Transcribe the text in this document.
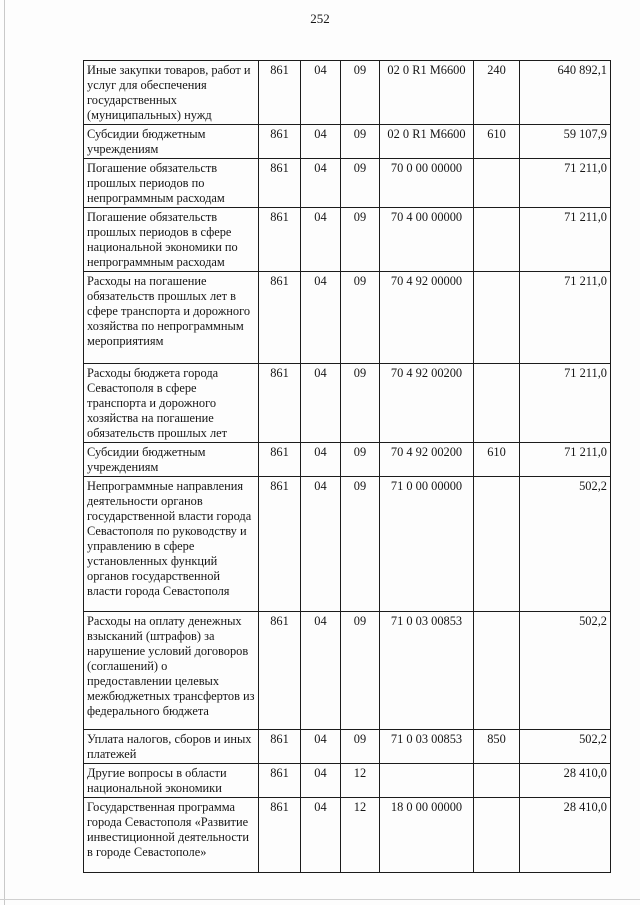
252
Иные закупки товаров, работ и услуг для обеспечения государственных (муниципальных) нужд	861	04	09	02 0 R1 M6600	240	640 892,1
Субсидии бюджетным учреждениям	861	04	09	02 0 R1 M6600	610	59 107,9
Погашение обязательств прошлых периодов по непрограммным расходам	861	04	09	70 0 00 00000		71 211,0
Погашение обязательств прошлых периодов в сфере национальной экономики по непрограммным расходам	861	04	09	70 4 00 00000		71 211,0
Расходы на погашение обязательств прошлых лет в сфере транспорта и дорожного хозяйства по непрограммным мероприятиям	861	04	09	70 4 92 00000		71 211,0
Расходы бюджета города Севастополя в сфере транспорта и дорожного хозяйства на погашение обязательств прошлых лет	861	04	09	70 4 92 00200		71 211,0
Субсидии бюджетным учреждениям	861	04	09	70 4 92 00200	610	71 211,0
Непрограммные направления деятельности органов государственной власти города Севастополя по руководству и управлению в сфере установленных функций органов государственной власти города Севастополя	861	04	09	71 0 00 00000		502,2
Расходы на оплату денежных взысканий (штрафов) за нарушение условий договоров (соглашений) о предоставлении целевых межбюджетных трансфертов из федерального бюджета	861	04	09	71 0 03 00853		502,2
Уплата налогов, сборов и иных платежей	861	04	09	71 0 03 00853	850	502,2
Другие вопросы в области национальной экономики	861	04	12			28 410,0
Государственная программа города Севастополя «Развитие инвестиционной деятельности в городе Севастополе»	861	04	12	18 0 00 00000		28 410,0
